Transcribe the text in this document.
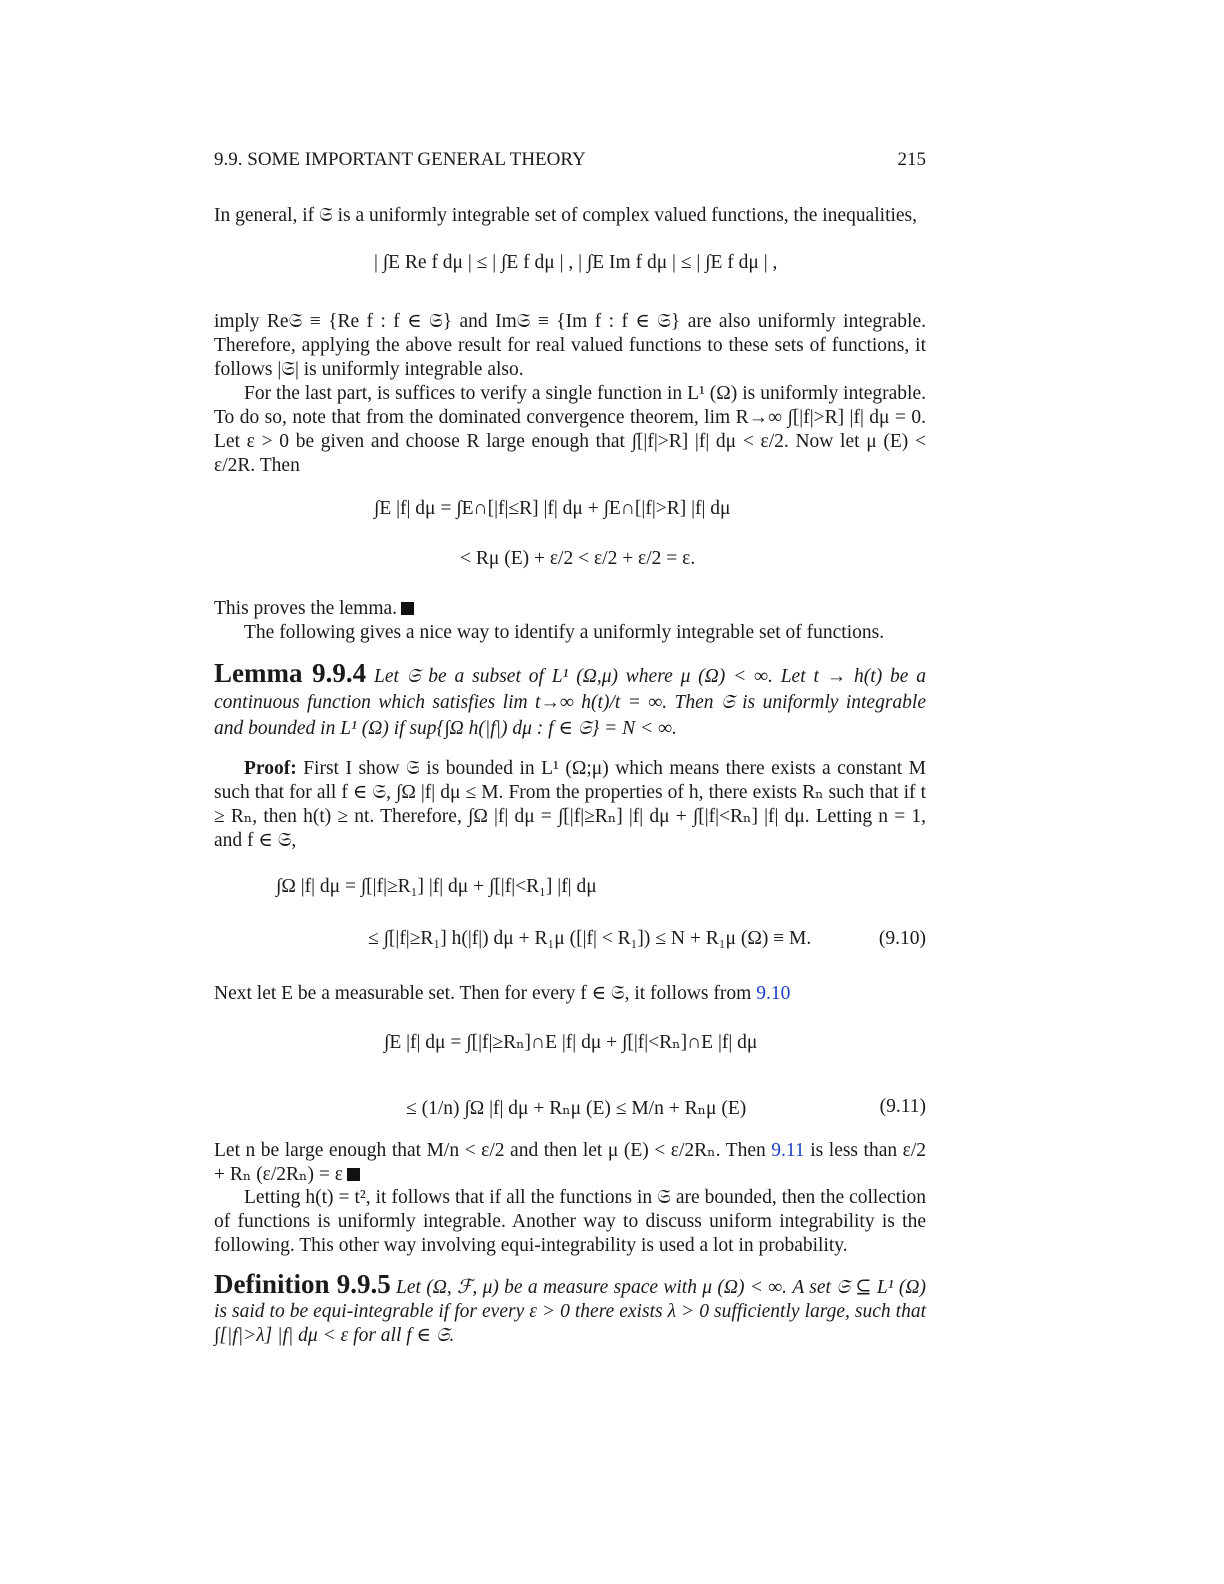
9.9. SOME IMPORTANT GENERAL THEORY	215
In general, if 𝔖 is a uniformly integrable set of complex valued functions, the inequalities,
| ∫E Re f dμ | ≤ | ∫E f dμ | , | ∫E Im f dμ | ≤ | ∫E f dμ | ,
imply Re𝔖 ≡ {Re f : f ∈ 𝔖} and Im𝔖 ≡ {Im f : f ∈ 𝔖} are also uniformly integrable. Therefore, applying the above result for real valued functions to these sets of functions, it follows |𝔖| is uniformly integrable also.
For the last part, is suffices to verify a single function in L¹ (Ω) is uniformly integrable. To do so, note that from the dominated convergence theorem, lim R→∞ ∫[|f|>R] |f| dμ = 0. Let ε > 0 be given and choose R large enough that ∫[|f|>R] |f| dμ < ε/2. Now let μ (E) < ε/2R. Then
∫E |f| dμ = ∫E∩[|f|≤R] |f| dμ + ∫E∩[|f|>R] |f| dμ
< Rμ (E) + ε/2 < ε/2 + ε/2 = ε.
This proves the lemma.
The following gives a nice way to identify a uniformly integrable set of functions.
Lemma 9.9.4 Let 𝔖 be a subset of L¹ (Ω,μ) where μ (Ω) < ∞. Let t → h(t) be a continuous function which satisfies lim t→∞ h(t)/t = ∞. Then 𝔖 is uniformly integrable and bounded in L¹ (Ω) if sup{∫Ω h(|f|) dμ : f ∈ 𝔖} = N < ∞.
Proof: First I show 𝔖 is bounded in L¹ (Ω;μ) which means there exists a constant M such that for all f ∈ 𝔖, ∫Ω |f| dμ ≤ M. From the properties of h, there exists Rₙ such that if t ≥ Rₙ, then h(t) ≥ nt. Therefore, ∫Ω |f| dμ = ∫[|f|≥Rₙ] |f| dμ + ∫[|f|<Rₙ] |f| dμ. Letting n = 1, and f ∈ 𝔖,
∫Ω |f| dμ = ∫[|f|≥R₁] |f| dμ + ∫[|f|<R₁] |f| dμ
≤ ∫[|f|≥R₁] h(|f|) dμ + R₁μ ([|f| < R₁]) ≤ N + R₁μ (Ω) ≡ M.	(9.10)
Next let E be a measurable set. Then for every f ∈ 𝔖, it follows from 9.10
∫E |f| dμ = ∫[|f|≥Rₙ]∩E |f| dμ + ∫[|f|<Rₙ]∩E |f| dμ
≤ (1/n) ∫Ω |f| dμ + Rₙμ (E) ≤ M/n + Rₙμ (E)	(9.11)
Let n be large enough that M/n < ε/2 and then let μ (E) < ε/2Rₙ. Then 9.11 is less than ε/2 + Rₙ (ε/2Rₙ) = ε
Letting h(t) = t², it follows that if all the functions in 𝔖 are bounded, then the collection of functions is uniformly integrable. Another way to discuss uniform integrability is the following. This other way involving equi-integrability is used a lot in probability.
Definition 9.9.5 Let (Ω, ℱ, μ) be a measure space with μ (Ω) < ∞. A set 𝔖 ⊆ L¹ (Ω) is said to be equi-integrable if for every ε > 0 there exists λ > 0 sufficiently large, such that ∫[|f|>λ] |f| dμ < ε for all f ∈ 𝔖.
